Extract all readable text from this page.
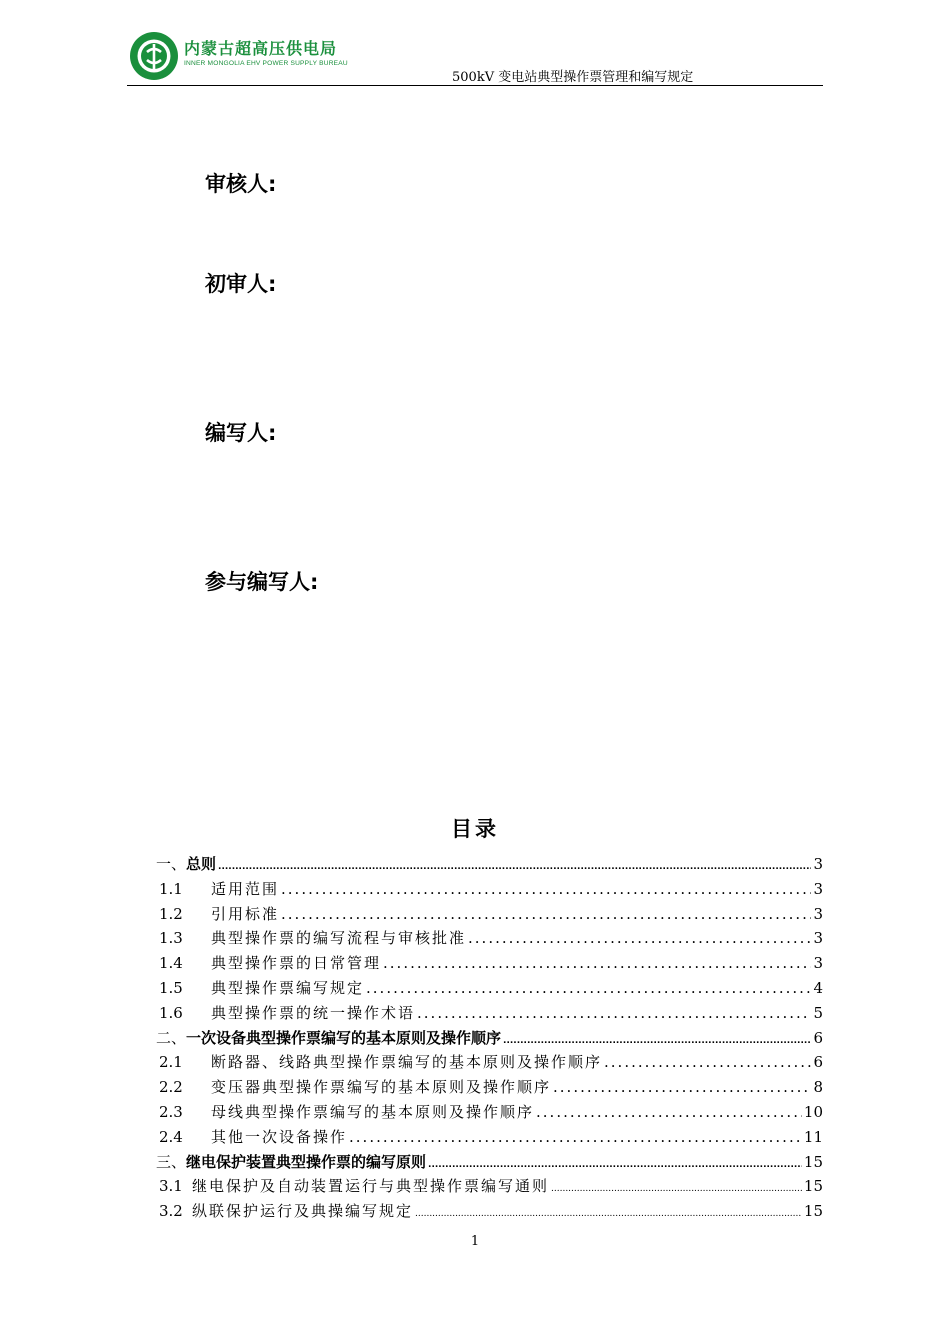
内蒙古超高压供电局
INNER MONGOLIA EHV POWER SUPPLY BUREAU
500kV 变电站典型操作票管理和编写规定
审核人:
初审人:
编写人:
参与编写人:
目录
一、 总则 .....	3
1.1	适用范围 .....	3
1.2	引用标准 .....	3
1.3	典型操作票的编写流程与审核批准 .....	3
1.4	典型操作票的日常管理 .....	3
1.5	典型操作票编写规定 .....	4
1.6	典型操作票的统一操作术语 .....	5
二、 一次设备典型操作票编写的基本原则及操作顺序 .....	6
2.1	断路器、线路典型操作票编写的基本原则及操作顺序 .....	6
2.2	变压器典型操作票编写的基本原则及操作顺序 .....	8
2.3	母线典型操作票编写的基本原则及操作顺序 .....	10
2.4	其他一次设备操作 .....	11
三、 继电保护装置典型操作票的编写原则 .....	15
3.1 继电保护及自动装置运行与典型操作票编写通则 .....	15
3.2 纵联保护运行及典操编写规定 .....	15
1
